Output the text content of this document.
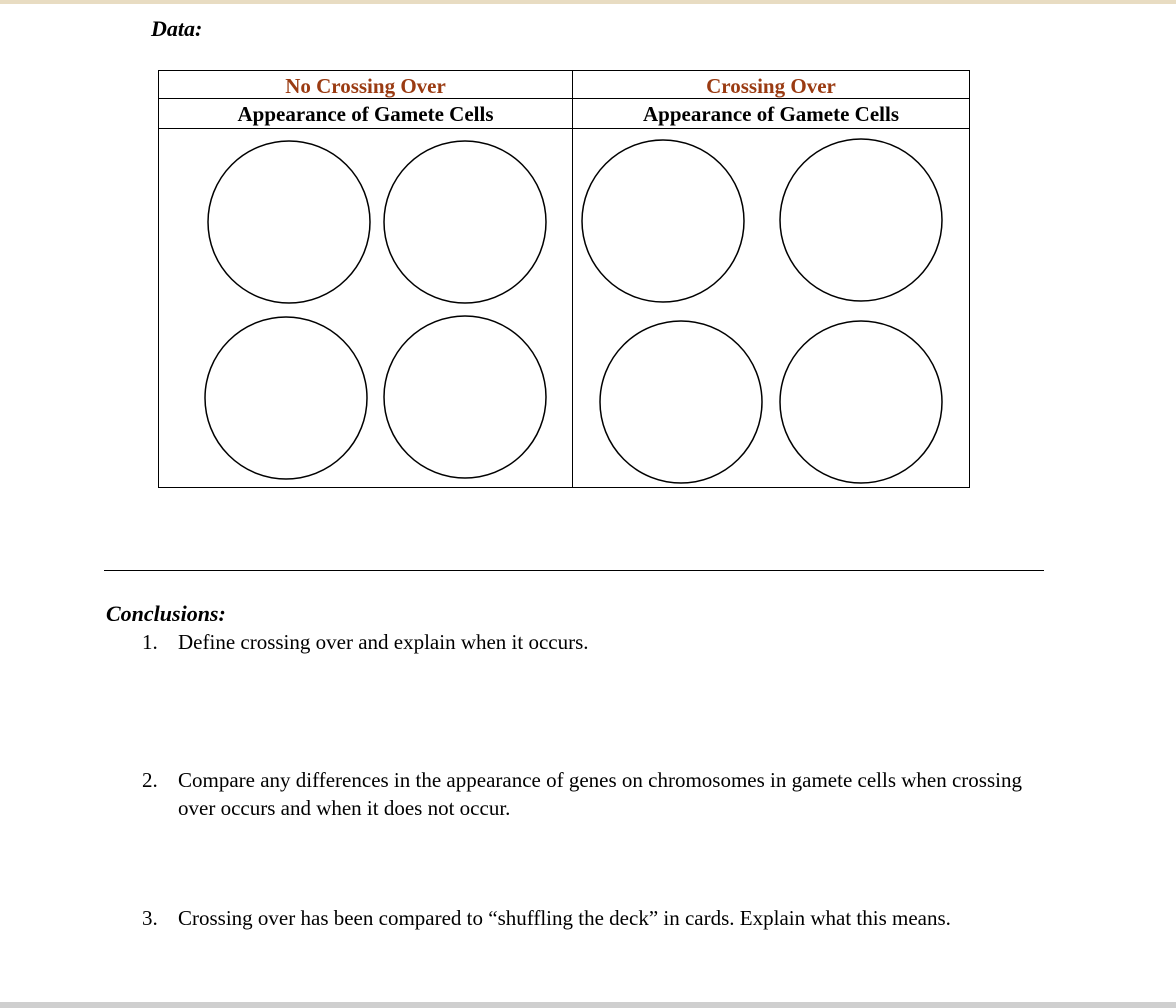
Data:
No Crossing Over
Appearance of Gamete Cells
Crossing Over
Appearance of Gamete Cells
Conclusions:
1. Define crossing over and explain when it occurs.
2. Compare any differences in the appearance of genes on chromosomes in gamete cells when crossing over occurs and when it does not occur.
3. Crossing over has been compared to “shuffling the deck” in cards. Explain what this means.
